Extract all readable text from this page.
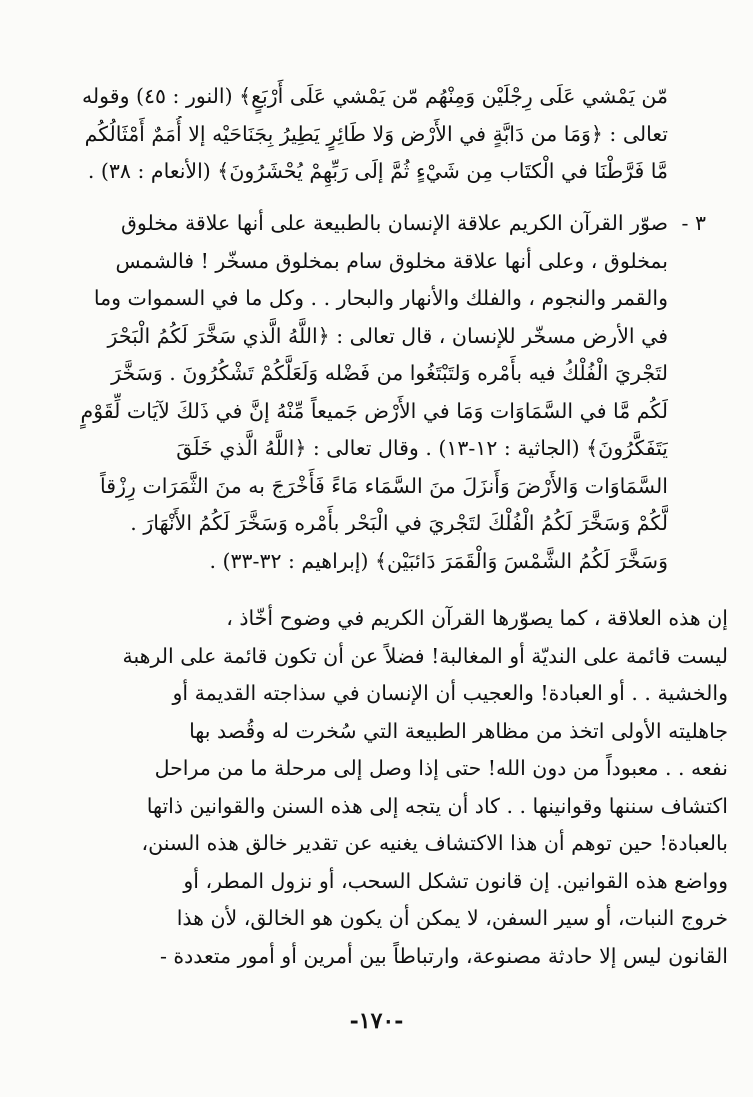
مّن يَمْشي عَلَى رِجْلَيْن وَمِنْهُم مّن يَمْشي عَلَى أَرْبَعٍ﴾ (النور : ٤٥) وقوله
تعالى : ﴿وَمَا من دَابَّةٍ في الأَرْض وَلا طَائِرٍ يَطِيرُ بِجَنَاحَيْه إلا أُمَمٌ أَمْثَالُكُم
مَّا فَرَّطْنَا في الْكتَاب مِن شَيْءٍ ثُمَّ إلَى رَبِّهِمْ يُحْشَرُونَ﴾ (الأنعام : ٣٨) .
٣ -
صوّر القرآن الكريم علاقة الإنسان بالطبيعة على أنها علاقة مخلوق
بمخلوق ، وعلى أنها علاقة مخلوق سام بمخلوق مسخّر ! فالشمس
والقمر والنجوم ، والفلك والأنهار والبحار . . وكل ما في السموات وما
في الأرض مسخّر للإنسان ، قال تعالى : ﴿اللَّهُ الَّذي سَخَّرَ لَكُمُ الْبَحْرَ
لتَجْريَ الْفُلْكُ فيه بأَمْره وَلتَبْتَغُوا من فَضْله وَلَعَلَّكُمْ تَشْكُرُونَ . وَسَخَّرَ
لَكُم مَّا في السَّمَاوَات وَمَا في الأَرْض جَميعاً مِّنْهُ إنَّ في ذَلكَ لآيَات لِّقَوْمٍ
يَتَفَكَّرُونَ﴾ (الجاثية : ١٢-١٣) . وقال تعالى : ﴿اللَّهُ الَّذي خَلَقَ
السَّمَاوَات وَالأَرْضَ وَأَنزَلَ منَ السَّمَاء مَاءً فَأَخْرَجَ به منَ الثَّمَرَات رِزْقاً
لَّكُمْ وَسَخَّرَ لَكُمُ الْفُلْكَ لتَجْريَ في الْبَحْر بأَمْره وَسَخَّرَ لَكُمُ الأَنْهَارَ .
وَسَخَّرَ لَكُمُ الشَّمْسَ وَالْقَمَرَ دَائبَيْن﴾ (إبراهيم : ٣٢-٣٣) .
إن هذه العلاقة ، كما يصوّرها القرآن الكريم في وضوح أخّاذ ،
ليست قائمة على النديّة أو المغالبة! فضلاً عن أن تكون قائمة على الرهبة
والخشية . . أو العبادة! والعجيب أن الإنسان في سذاجته القديمة أو
جاهليته الأولى اتخذ من مظاهر الطبيعة التي سُخرت له وقُصد بها
نفعه . . معبوداً من دون الله! حتى إذا وصل إلى مرحلة ما من مراحل
اكتشاف سننها وقوانينها . . كاد أن يتجه إلى هذه السنن والقوانين ذاتها
بالعبادة! حين توهم أن هذا الاكتشاف يغنيه عن تقدير خالق هذه السنن،
وواضع هذه القوانين. إن قانون تشكل السحب، أو نزول المطر، أو
خروج النبات، أو سير السفن، لا يمكن أن يكون هو الخالق، لأن هذا
القانون ليس إلا حادثة مصنوعة، وارتباطاً بين أمرين أو أمور متعددة -
-١٧٠-
